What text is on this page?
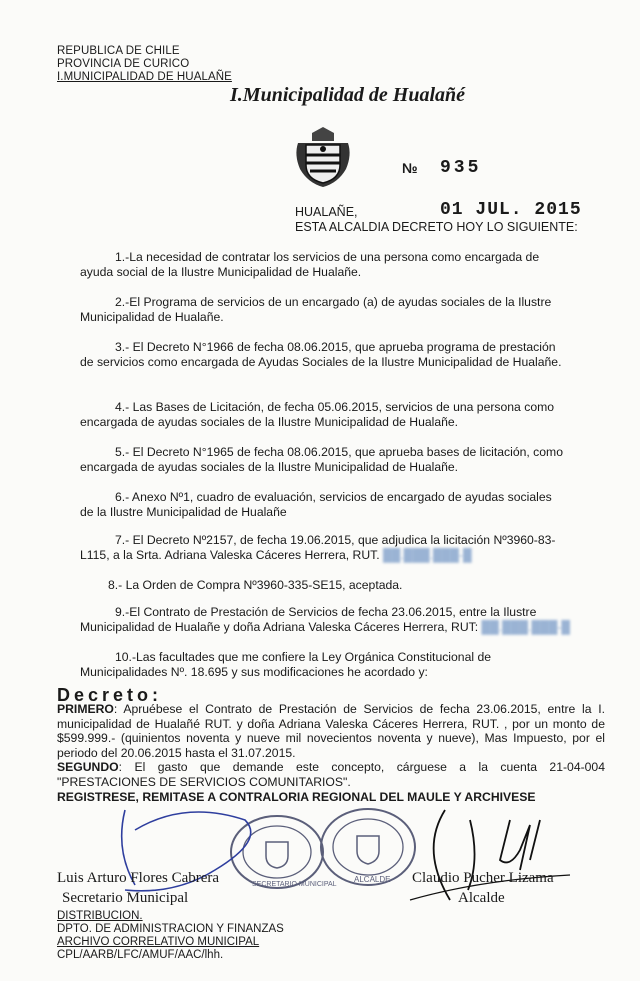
REPUBLICA DE CHILE
PROVINCIA DE CURICO
I.MUNICIPALIDAD DE HUALAÑE
I.Municipalidad de Hualañé
№ 935
01 JUL. 2015
HUALAÑE,
ESTA ALCALDIA DECRETO HOY LO SIGUIENTE:
1.-La necesidad de contratar los servicios de una persona como encargada de
ayuda social de la Ilustre Municipalidad de Hualañe.
2.-El Programa de servicios de un encargado (a) de ayudas sociales de la Ilustre
Municipalidad de Hualañe.
3.- El Decreto N°1966 de fecha 08.06.2015, que aprueba programa de prestación
de servicios como encargada de Ayudas Sociales de la Ilustre Municipalidad de Hualañe.
4.- Las Bases de Licitación, de fecha 05.06.2015, servicios de una persona como
encargada de ayudas sociales de la Ilustre Municipalidad de Hualañe.
5.- El Decreto N°1965 de fecha 08.06.2015, que aprueba bases de licitación, como
encargada de ayudas sociales de la Ilustre Municipalidad de Hualañe.
6.- Anexo Nº1, cuadro de evaluación, servicios de encargado de ayudas sociales
de la Ilustre Municipalidad de Hualañe
7.- El Decreto Nº2157, de fecha 19.06.2015, que adjudica la licitación Nº3960-83-
L115, a la Srta. Adriana Valeska Cáceres Herrera, RUT. ██.███.███-█
8.- La Orden de Compra Nº3960-335-SE15, aceptada.
9.-El Contrato de Prestación de Servicios de fecha 23.06.2015, entre la Ilustre
Municipalidad de Hualañe y doña Adriana Valeska Cáceres Herrera, RUT: ██.███.███-█
10.-Las facultades que me confiere la Ley Orgánica Constitucional de
Municipalidades Nº. 18.695 y sus modificaciones he acordado y:
Decreto:
PRIMERO: Apruébese el Contrato de Prestación de Servicios de fecha 23.06.2015, entre la I. municipalidad de Hualañé RUT. y doña Adriana Valeska Cáceres Herrera, RUT. , por un monto de $599.999.- (quinientos noventa y nueve mil novecientos noventa y nueve), Mas Impuesto, por el periodo del 20.06.2015 hasta el 31.07.2015.
SEGUNDO: El gasto que demande este concepto, cárguese a la cuenta 21-04-004 "PRESTACIONES DE SERVICIOS COMUNITARIOS".
REGISTRESE, REMITASE A CONTRALORIA REGIONAL DEL MAULE Y ARCHIVESE
SECRETARIO MUNICIPAL
ALCALDE
Luis Arturo Flores Cabrera
Secretario Municipal
Claudio Pucher Lizama
Alcalde
DISTRIBUCION.
DPTO. DE ADMINISTRACION Y FINANZAS
ARCHIVO CORRELATIVO MUNICIPAL
CPL/AARB/LFC/AMUF/AAC/lhh.
